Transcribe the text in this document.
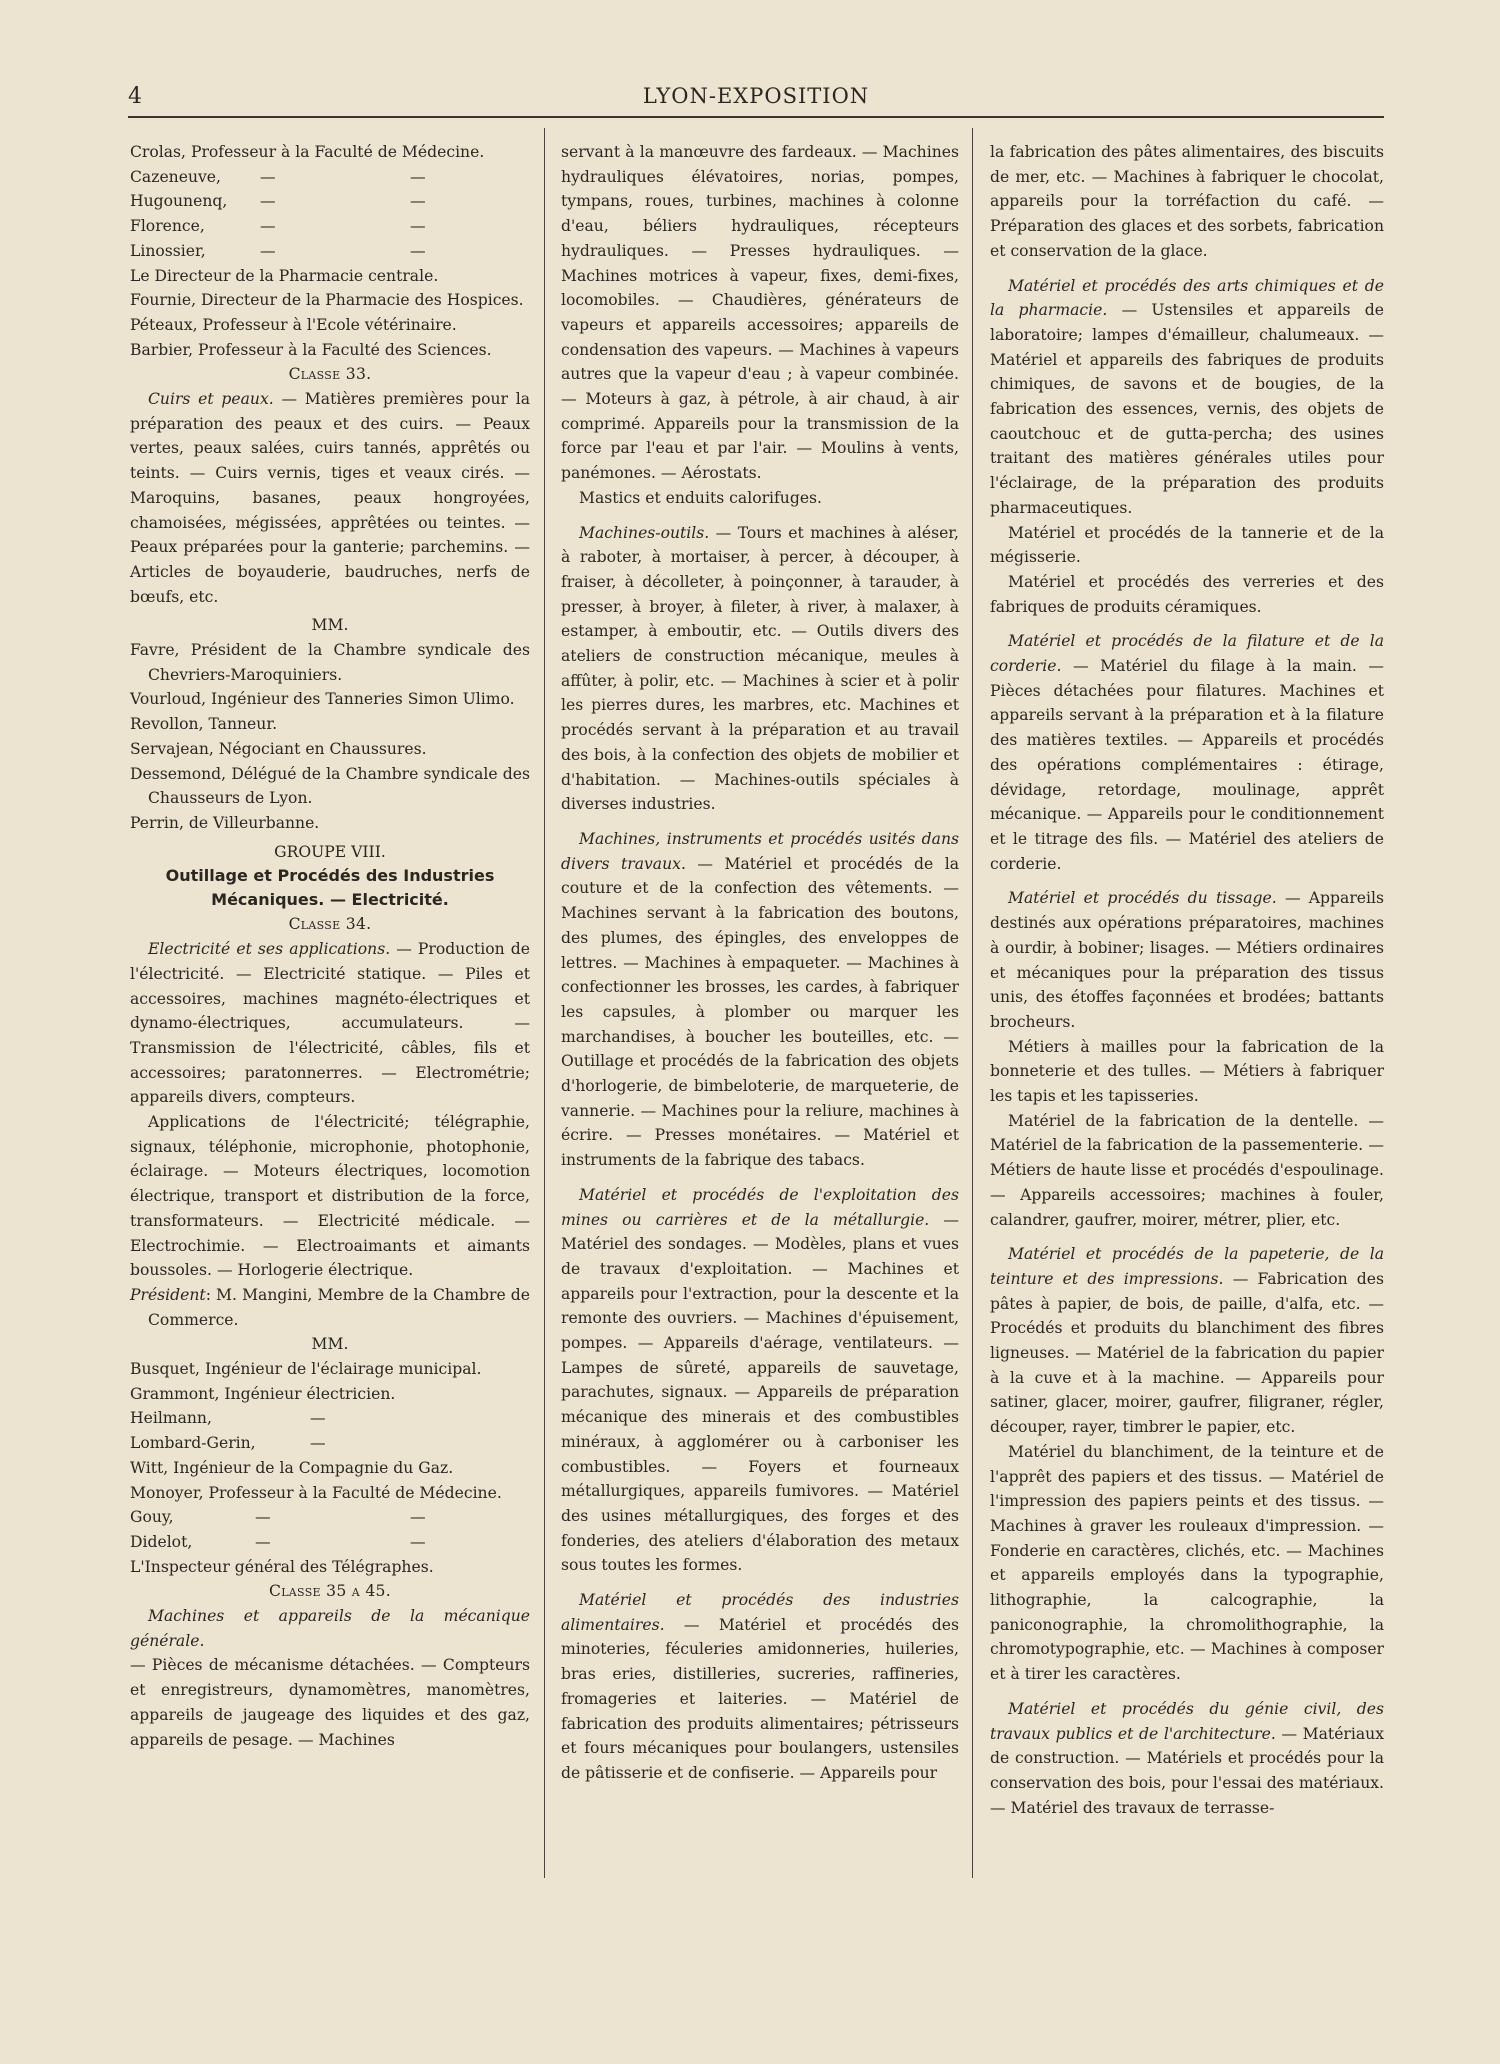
4	LYON-EXPOSITION

Crolas, Professeur à la Faculté de Médecine.

Cazeneuve,	—	—
Hugounenq,	—	—
Florence,	—	—
Linossier,	—	—

Le Directeur de la Pharmacie centrale.

Fournie, Directeur de la Pharmacie des Hospices.

Péteaux, Professeur à l'Ecole vétérinaire.

Barbier, Professeur à la Faculté des Sciences.

Classe 33.

Cuirs et peaux. — Matières premières pour la préparation des peaux et des cuirs. — Peaux vertes, peaux salées, cuirs tannés, apprêtés ou teints. — Cuirs vernis, tiges et veaux cirés. — Maroquins, basanes, peaux hongroyées, chamoisées, mégissées, apprêtées ou teintes. — Peaux préparées pour la ganterie; parchemins. — Articles de boyauderie, baudruches, nerfs de bœufs, etc.

MM.

Favre, Président de la Chambre syndicale des Chevriers-Maroquiniers.

Vourloud, Ingénieur des Tanneries Simon Ulimo.

Revollon, Tanneur.

Servajean, Négociant en Chaussures.

Dessemond, Délégué de la Chambre syndicale des Chausseurs de Lyon.

Perrin, de Villeurbanne.

GROUPE VIII.

Outillage et Procédés des Industries Mécaniques. — Electricité.

Classe 34.

Electricité et ses applications. — Production de l'électricité. — Electricité statique. — Piles et accessoires, machines magnéto-électriques et dynamo-électriques, accumulateurs. — Transmission de l'électricité, câbles, fils et accessoires; paratonnerres. — Electrométrie; appareils divers, compteurs.

Applications de l'électricité; télégraphie, signaux, téléphonie, microphonie, photophonie, éclairage. — Moteurs électriques, locomotion électrique, transport et distribution de la force, transformateurs. — Electricité médicale. — Electrochimie. — Electroaimants et aimants boussoles. — Horlogerie électrique.

Président: M. Mangini, Membre de la Chambre de Commerce.

MM.

Busquet, Ingénieur de l'éclairage municipal.

Grammont, Ingénieur électricien.

Heilmann,	—
Lombard-Gerin,	—

Witt, Ingénieur de la Compagnie du Gaz.

Monoyer, Professeur à la Faculté de Médecine.

Gouy,	—	—
Didelot,	—	—

L'Inspecteur général des Télégraphes.

Classe 35 a 45.

Machines et appareils de la mécanique générale.

— Pièces de mécanisme détachées. — Compteurs et enregistreurs, dynamomètres, manomètres, appareils de jaugeage des liquides et des gaz, appareils de pesage. — Machines

servant à la manœuvre des fardeaux. — Machines hydrauliques élévatoires, norias, pompes, tympans, roues, turbines, machines à colonne d'eau, béliers hydrauliques, récepteurs hydrauliques. — Presses hydrauliques. — Machines motrices à vapeur, fixes, demi-fixes, locomobiles. — Chaudières, générateurs de vapeurs et appareils accessoires; appareils de condensation des vapeurs. — Machines à vapeurs autres que la vapeur d'eau ; à vapeur combinée. — Moteurs à gaz, à pétrole, à air chaud, à air comprimé. Appareils pour la transmission de la force par l'eau et par l'air. — Moulins à vents, panémones. — Aérostats.

Mastics et enduits calorifuges.

Machines-outils. — Tours et machines à aléser, à raboter, à mortaiser, à percer, à découper, à fraiser, à décolleter, à poinçonner, à tarauder, à presser, à broyer, à fileter, à river, à malaxer, à estamper, à emboutir, etc. — Outils divers des ateliers de construction mécanique, meules à affûter, à polir, etc. — Machines à scier et à polir les pierres dures, les marbres, etc. Machines et procédés servant à la préparation et au travail des bois, à la confection des objets de mobilier et d'habitation. — Machines-outils spéciales à diverses industries.

Machines, instruments et procédés usités dans divers travaux. — Matériel et procédés de la couture et de la confection des vêtements. — Machines servant à la fabrication des boutons, des plumes, des épingles, des enveloppes de lettres. — Machines à empaqueter. — Machines à confectionner les brosses, les cardes, à fabriquer les capsules, à plomber ou marquer les marchandises, à boucher les bouteilles, etc. — Outillage et procédés de la fabrication des objets d'horlogerie, de bimbeloterie, de marqueterie, de vannerie. — Machines pour la reliure, machines à écrire. — Presses monétaires. — Matériel et instruments de la fabrique des tabacs.

Matériel et procédés de l'exploitation des mines ou carrières et de la métallurgie. — Matériel des sondages. — Modèles, plans et vues de travaux d'exploitation. — Machines et appareils pour l'extraction, pour la descente et la remonte des ouvriers. — Machines d'épuisement, pompes. — Appareils d'aérage, ventilateurs. — Lampes de sûreté, appareils de sauvetage, parachutes, signaux. — Appareils de préparation mécanique des minerais et des combustibles minéraux, à agglomérer ou à carboniser les combustibles. — Foyers et fourneaux métallurgiques, appareils fumivores. — Matériel des usines métallurgiques, des forges et des fonderies, des ateliers d'élaboration des metaux sous toutes les formes.

Matériel et procédés des industries alimentaires. — Matériel et procédés des minoteries, féculeries amidonneries, huileries, bras eries, distilleries, sucreries, raffineries, fromageries et laiteries. — Matériel de fabrication des produits alimentaires; pétrisseurs et fours mécaniques pour boulangers, ustensiles de pâtisserie et de confiserie. — Appareils pour

la fabrication des pâtes alimentaires, des biscuits de mer, etc. — Machines à fabriquer le chocolat, appareils pour la torréfaction du café. — Préparation des glaces et des sorbets, fabrication et conservation de la glace.

Matériel et procédés des arts chimiques et de la pharmacie. — Ustensiles et appareils de laboratoire; lampes d'émailleur, chalumeaux. — Matériel et appareils des fabriques de produits chimiques, de savons et de bougies, de la fabrication des essences, vernis, des objets de caoutchouc et de gutta-percha; des usines traitant des matières générales utiles pour l'éclairage, de la préparation des produits pharmaceutiques.

Matériel et procédés de la tannerie et de la mégisserie.

Matériel et procédés des verreries et des fabriques de produits céramiques.

Matériel et procédés de la filature et de la corderie. — Matériel du filage à la main. — Pièces détachées pour filatures. Machines et appareils servant à la préparation et à la filature des matières textiles. — Appareils et procédés des opérations complémentaires : étirage, dévidage, retordage, moulinage, apprêt mécanique. — Appareils pour le conditionnement et le titrage des fils. — Matériel des ateliers de corderie.

Matériel et procédés du tissage. — Appareils destinés aux opérations préparatoires, machines à ourdir, à bobiner; lisages. — Métiers ordinaires et mécaniques pour la préparation des tissus unis, des étoffes façonnées et brodées; battants brocheurs.

Métiers à mailles pour la fabrication de la bonneterie et des tulles. — Métiers à fabriquer les tapis et les tapisseries.

Matériel de la fabrication de la dentelle. — Matériel de la fabrication de la passementerie. — Métiers de haute lisse et procédés d'espoulinage. — Appareils accessoires; machines à fouler, calandrer, gaufrer, moirer, métrer, plier, etc.

Matériel et procédés de la papeterie, de la teinture et des impressions. — Fabrication des pâtes à papier, de bois, de paille, d'alfa, etc. — Procédés et produits du blanchiment des fibres ligneuses. — Matériel de la fabrication du papier à la cuve et à la machine. — Appareils pour satiner, glacer, moirer, gaufrer, filigraner, régler, découper, rayer, timbrer le papier, etc.

Matériel du blanchiment, de la teinture et de l'apprêt des papiers et des tissus. — Matériel de l'impression des papiers peints et des tissus. — Machines à graver les rouleaux d'impression. — Fonderie en caractères, clichés, etc. — Machines et appareils employés dans la typographie, lithographie, la calcographie, la paniconographie, la chromolithographie, la chromotypographie, etc. — Machines à composer et à tirer les caractères.

Matériel et procédés du génie civil, des travaux publics et de l'architecture. — Matériaux de construction. — Matériels et procédés pour la conservation des bois, pour l'essai des matériaux. — Matériel des travaux de terrasse-
